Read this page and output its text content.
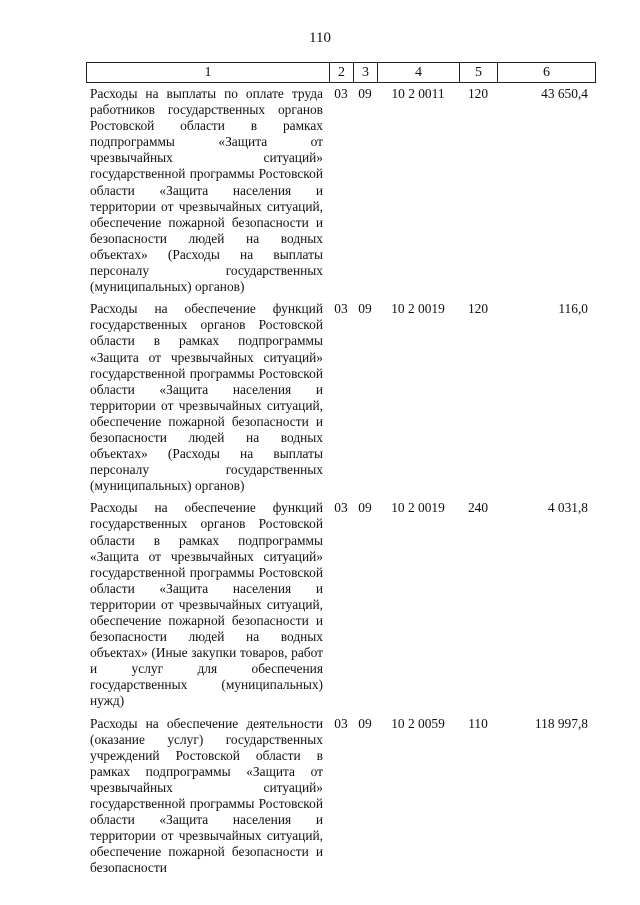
110
1	2	3	4	5	6
Расходы на выплаты по оплате труда работников государственных органов Ростовской области в рамках подпрограммы «Защита от чрезвычайных ситуаций» государственной программы Ростовской области «Защита населения и территории от чрезвычайных ситуаций, обеспечение пожарной безопасности и безопасности людей на водных объектах» (Расходы на выплаты персоналу государственных (муниципальных) органов)
03 09	10 2 0011	120	43 650,4
Расходы на обеспечение функций государственных органов Ростовской области в рамках подпрограммы «Защита от чрезвычайных ситуаций» государственной программы Ростовской области «Защита населения и территории от чрезвычайных ситуаций, обеспечение пожарной безопасности и безопасности людей на водных объектах» (Расходы на выплаты персоналу государственных (муниципальных) органов)
03 09	10 2 0019	120	116,0
Расходы на обеспечение функций государственных органов Ростовской области в рамках подпрограммы «Защита от чрезвычайных ситуаций» государственной программы Ростовской области «Защита населения и территории от чрезвычайных ситуаций, обеспечение пожарной безопасности и безопасности людей на водных объектах» (Иные закупки товаров, работ и услуг для обеспечения государственных (муниципальных) нужд)
03 09	10 2 0019	240	4 031,8
Расходы на обеспечение деятельности (оказание услуг) государственных учреждений Ростовской области в рамках подпрограммы «Защита от чрезвычайных ситуаций» государственной программы Ростовской области «Защита населения и территории от чрезвычайных ситуаций, обеспечение пожарной безопасности и безопасности
03 09	10 2 0059	110	118 997,8
